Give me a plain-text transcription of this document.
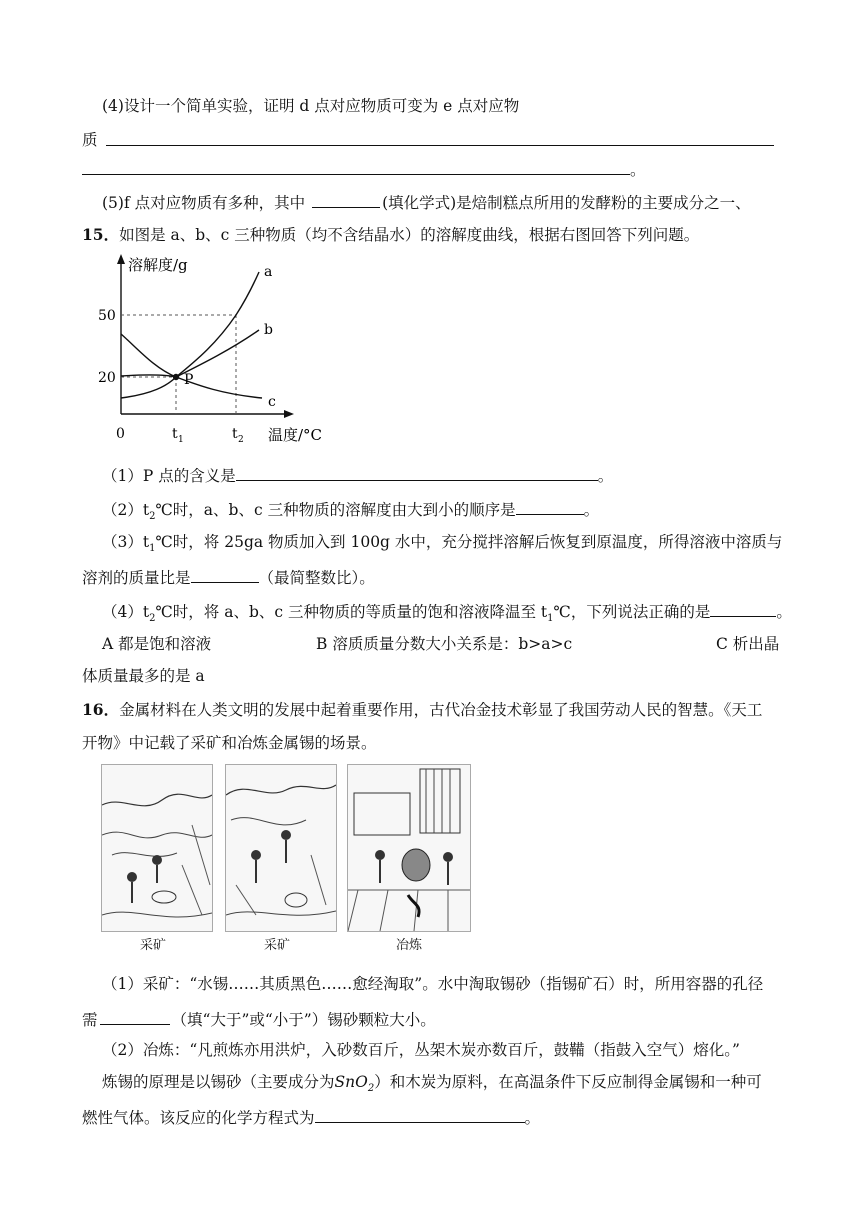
(4)设计一个简单实验，证明 d 点对应物质可变为 e 点对应物
质
。
(5)f 点对应物质有多种，其中	(填化学式)是焙制糕点所用的发酵粉的主要成分之一、
15．如图是 a、b、c 三种物质（均不含结晶水）的溶解度曲线，根据右图回答下列问题。
溶解度/g
50
20
0	t 1	t 2 温度/°C
a
b
c
P
（1）P 点的含义是	。
$(2)t_2℃$时，a、b、c 三种物质的溶解度由大到小的顺序是	。
$(3)t_1℃$时，将 25ga 物质加入到 100g 水中，充分搅拌溶解后恢复到原温度，所得溶液中溶质与
溶剂的质量比是	（最简整数比）。
$(4)t_2℃$时，将 a、b、c 三种物质的等质量的饱和溶液降温至 $t_1℃$，下列说法正确的是	。
A 都是饱和溶液	B 溶质质量分数大小关系是：b>a>c	C 析出晶
体质量最多的是 a
16．金属材料在人类文明的发展中起着重要作用，古代冶金技术彰显了我国劳动人民的智慧。《天工
开物》中记载了采矿和冶炼金属锡的场景。
采矿	采矿	冶炼
（1）采矿：“水锡……其质黑色……愈经淘取”。水中淘取锡砂（指锡矿石）时，所用容器的孔径
需	（填“大于”或“小于”）锡砂颗粒大小。
（2）冶炼：“凡煎炼亦用洪炉，入砂数百斤，丛架木炭亦数百斤，鼓鞴（指鼓入空气）熔化。”
炼锡的原理是以锡砂（主要成分为SnO$_2$）和木炭为原料，在高温条件下反应制得金属锡和一种可
燃性气体。该反应的化学方程式为	。
